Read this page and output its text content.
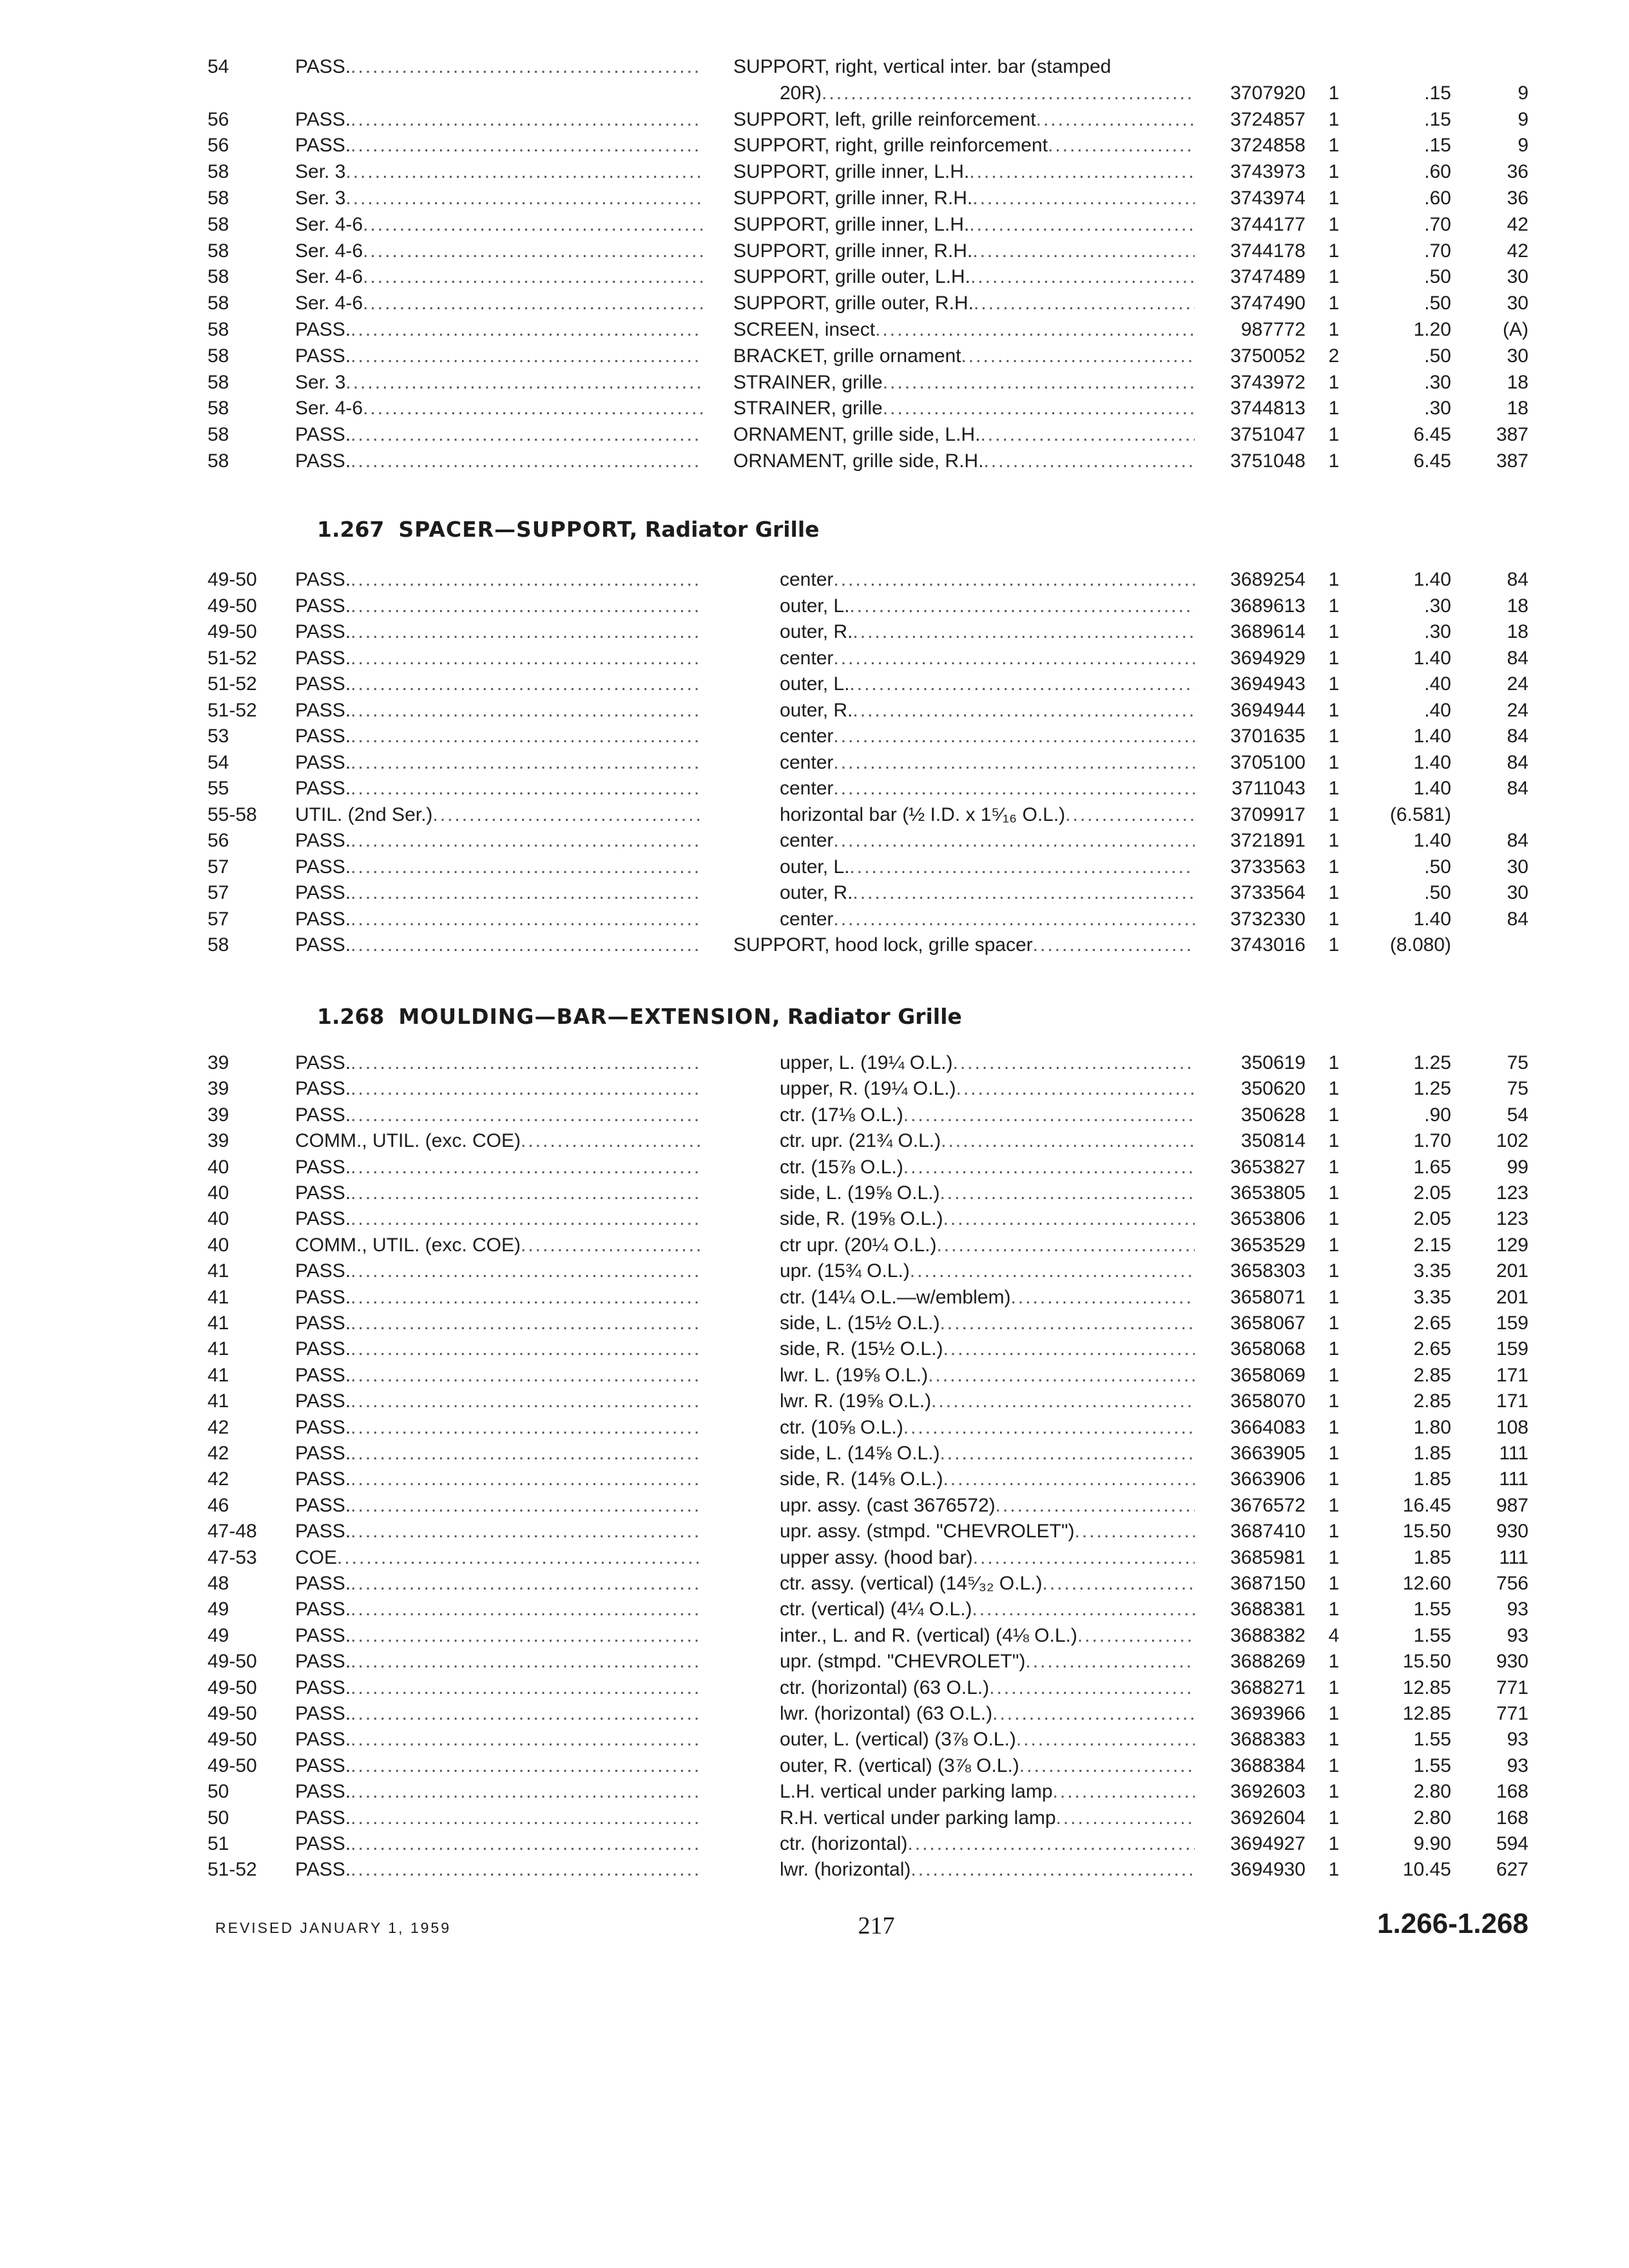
54	PASS. .....	SUPPORT, right, vertical inter. bar (stamped
20R) .....	3707920	1	.15	9
56	PASS. .....	SUPPORT, left, grille reinforcement .....	3724857	1	.15	9
56	PASS. .....	SUPPORT, right, grille reinforcement .....	3724858	1	.15	9
58	Ser. 3 .....	SUPPORT, grille inner, L.H. .....	3743973	1	.60	36
58	Ser. 3 .....	SUPPORT, grille inner, R.H. .....	3743974	1	.60	36
58	Ser. 4-6 .....	SUPPORT, grille inner, L.H. .....	3744177	1	.70	42
58	Ser. 4-6 .....	SUPPORT, grille inner, R.H. .....	3744178	1	.70	42
58	Ser. 4-6 .....	SUPPORT, grille outer, L.H. .....	3747489	1	.50	30
58	Ser. 4-6 .....	SUPPORT, grille outer, R.H. .....	3747490	1	.50	30
58	PASS. .....	SCREEN, insect .....	987772	1	1.20	(A)
58	PASS. .....	BRACKET, grille ornament .....	3750052	2	.50	30
58	Ser. 3 .....	STRAINER, grille .....	3743972	1	.30	18
58	Ser. 4-6 .....	STRAINER, grille .....	3744813	1	.30	18
58	PASS. .....	ORNAMENT, grille side, L.H. .....	3751047	1	6.45	387
58	PASS. .....	ORNAMENT, grille side, R.H. .....	3751048	1	6.45	387
1.267 SPACER—SUPPORT, Radiator Grille
49-50	PASS. .....	center .....	3689254	1	1.40	84
49-50	PASS. .....	outer, L. .....	3689613	1	.30	18
49-50	PASS. .....	outer, R. .....	3689614	1	.30	18
51-52	PASS. .....	center .....	3694929	1	1.40	84
51-52	PASS. .....	outer, L. .....	3694943	1	.40	24
51-52	PASS. .....	outer, R. .....	3694944	1	.40	24
53	PASS. .....	center .....	3701635	1	1.40	84
54	PASS. .....	center .....	3705100	1	1.40	84
55	PASS. .....	center .....	3711043	1	1.40	84
55-58	UTIL. (2nd Ser.) .....	horizontal bar (½ I.D. x 1⁵⁄₁₆ O.L.) .....	3709917	1	(6.581)
56	PASS. .....	center .....	3721891	1	1.40	84
57	PASS. .....	outer, L. .....	3733563	1	.50	30
57	PASS. .....	outer, R. .....	3733564	1	.50	30
57	PASS. .....	center .....	3732330	1	1.40	84
58	PASS. .....	SUPPORT, hood lock, grille spacer .....	3743016	1	(8.080)
1.268 MOULDING—BAR—EXTENSION, Radiator Grille
39	PASS. .....	upper, L. (19¼ O.L.) .....	350619	1	1.25	75
39	PASS. .....	upper, R. (19¼ O.L.) .....	350620	1	1.25	75
39	PASS. .....	ctr. (17⅛ O.L.) .....	350628	1	.90	54
39	COMM., UTIL. (exc. COE) .....	ctr. upr. (21¾ O.L.) .....	350814	1	1.70	102
40	PASS. .....	ctr. (15⅞ O.L.) .....	3653827	1	1.65	99
40	PASS. .....	side, L. (19⅝ O.L.) .....	3653805	1	2.05	123
40	PASS. .....	side, R. (19⅝ O.L.) .....	3653806	1	2.05	123
40	COMM., UTIL. (exc. COE) .....	ctr upr. (20¼ O.L.) .....	3653529	1	2.15	129
41	PASS. .....	upr. (15¾ O.L.) .....	3658303	1	3.35	201
41	PASS. .....	ctr. (14¼ O.L.—w/emblem) .....	3658071	1	3.35	201
41	PASS. .....	side, L. (15½ O.L.) .....	3658067	1	2.65	159
41	PASS. .....	side, R. (15½ O.L.) .....	3658068	1	2.65	159
41	PASS. .....	lwr. L. (19⅝ O.L.) .....	3658069	1	2.85	171
41	PASS. .....	lwr. R. (19⅝ O.L.) .....	3658070	1	2.85	171
42	PASS. .....	ctr. (10⅝ O.L.) .....	3664083	1	1.80	108
42	PASS. .....	side, L. (14⅝ O.L.) .....	3663905	1	1.85	111
42	PASS. .....	side, R. (14⅝ O.L.) .....	3663906	1	1.85	111
46	PASS. .....	upr. assy. (cast 3676572) .....	3676572	1	16.45	987
47-48	PASS. .....	upr. assy. (stmpd. "CHEVROLET") .....	3687410	1	15.50	930
47-53	COE .....	upper assy. (hood bar) .....	3685981	1	1.85	111
48	PASS. .....	ctr. assy. (vertical) (14⁵⁄₃₂ O.L.) .....	3687150	1	12.60	756
49	PASS. .....	ctr. (vertical) (4¼ O.L.) .....	3688381	1	1.55	93
49	PASS. .....	inter., L. and R. (vertical) (4⅛ O.L.) .....	3688382	4	1.55	93
49-50	PASS. .....	upr. (stmpd. "CHEVROLET") .....	3688269	1	15.50	930
49-50	PASS. .....	ctr. (horizontal) (63 O.L.) .....	3688271	1	12.85	771
49-50	PASS. .....	lwr. (horizontal) (63 O.L.) .....	3693966	1	12.85	771
49-50	PASS. .....	outer, L. (vertical) (3⅞ O.L.) .....	3688383	1	1.55	93
49-50	PASS. .....	outer, R. (vertical) (3⅞ O.L.) .....	3688384	1	1.55	93
50	PASS. .....	L.H. vertical under parking lamp .....	3692603	1	2.80	168
50	PASS. .....	R.H. vertical under parking lamp .....	3692604	1	2.80	168
51	PASS. .....	ctr. (horizontal) .....	3694927	1	9.90	594
51-52	PASS. .....	lwr. (horizontal) .....	3694930	1	10.45	627
REVISED JANUARY 1, 1959	217	1.266-1.268
